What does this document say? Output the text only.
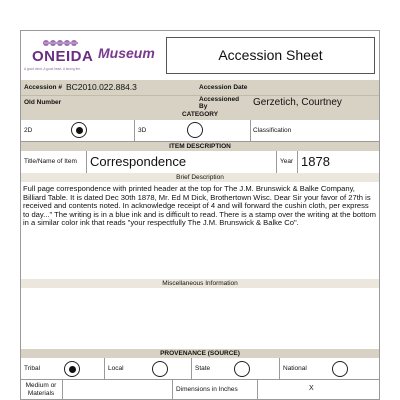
ONEIDA
A good mind. A good heart. A strong fire.
Museum	Accession Sheet
Accession # BC2010.022.884.3	Accession Date
Old Number	Accessioned By	Gerzetich, Courtney
CATEGORY
2D	3D	Classification
ITEM DESCRIPTION
Title/Name of Item Correspondence	Year 1878
Brief Description
Full page correspondence with printed header at the top for The J.M. Brunswick & Balke Company, Billiard Table. It is dated Dec 30th 1878, Mr. Ed M Dick, Brothertown Wisc. Dear Sir your favor of 27th is received and contents noted. In acknowledge receipt of 4 and will forward the cushin cloth, per express to day..." The writing is in a blue ink and is difficult to read. There is a stamp over the writing at the bottom in a similar color ink that reads "your respectfully The J.M. Brunswick & Balke Co".
Miscellaneous Information
PROVENANCE (SOURCE)
Tribal	Local	State	National
Medium or Materials	Dimensions in Inches	X
